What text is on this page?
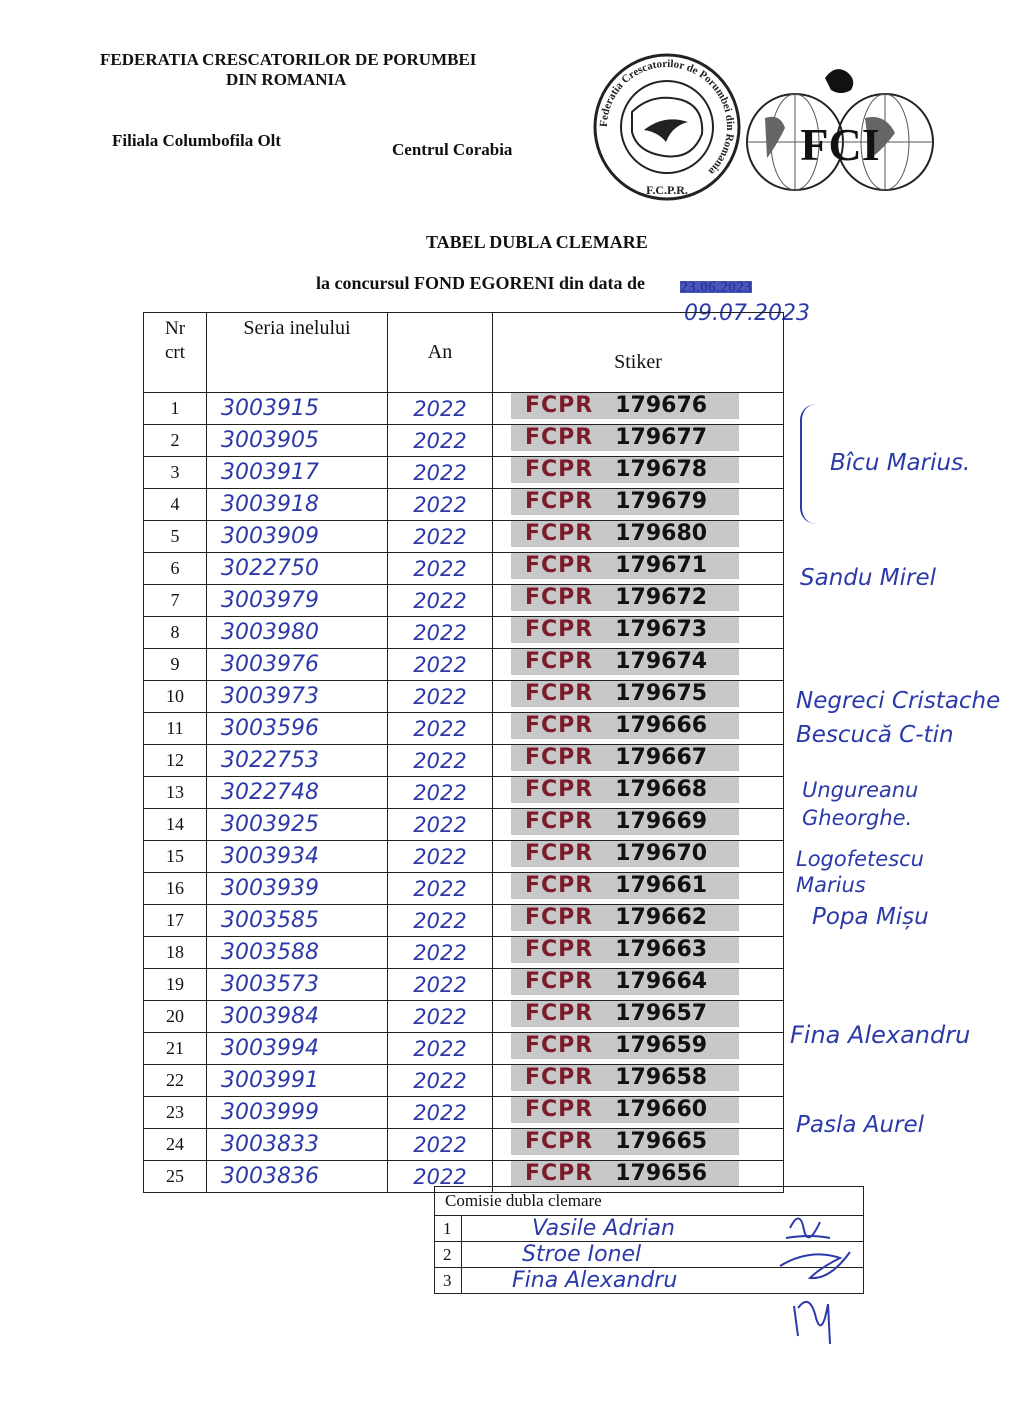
FEDERATIA CRESCATORILOR DE PORUMBEI
DIN ROMANIA
Filiala Columbofila Olt	Centrul Corabia
Federatia Crescatorilor de Porumbei din Romania
F.C.P.R.
FCI
TABEL DUBLA CLEMARE
la concursul FOND EGORENI din data de
09.07.2023
Nr crt	Seria inelului	An	Stiker
1	3003915	2022	FCPR 179676
2	3003905	2022	FCPR 179677
3	3003917	2022	FCPR 179678
4	3003918	2022	FCPR 179679
5	3003909	2022	FCPR 179680
6	3022750	2022	FCPR 179671
7	3003979	2022	FCPR 179672
8	3003980	2022	FCPR 179673
9	3003976	2022	FCPR 179674
10	3003973	2022	FCPR 179675
11	3003596	2022	FCPR 179666
12	3022753	2022	FCPR 179667
13	3022748	2022	FCPR 179668
14	3003925	2022	FCPR 179669
15	3003934	2022	FCPR 179670
16	3003939	2022	FCPR 179661
17	3003585	2022	FCPR 179662
18	3003588	2022	FCPR 179663
19	3003573	2022	FCPR 179664
20	3003984	2022	FCPR 179657
21	3003994	2022	FCPR 179659
22	3003991	2022	FCPR 179658
23	3003999	2022	FCPR 179660
24	3003833	2022	FCPR 179665
25	3003836	2022	FCPR 179656
Bîcu Marius.
Sandu Mirel
Negreci Cristache
Bescucă C-tin
Ungureanu Gheorghe.
Logofetescu Marius
Popa Mișu
Fina Alexandru
Pasla Aurel
Comisie dubla clemare	
1	Vasile Adrian
2	Stroe Ionel
3	Fina Alexandru
